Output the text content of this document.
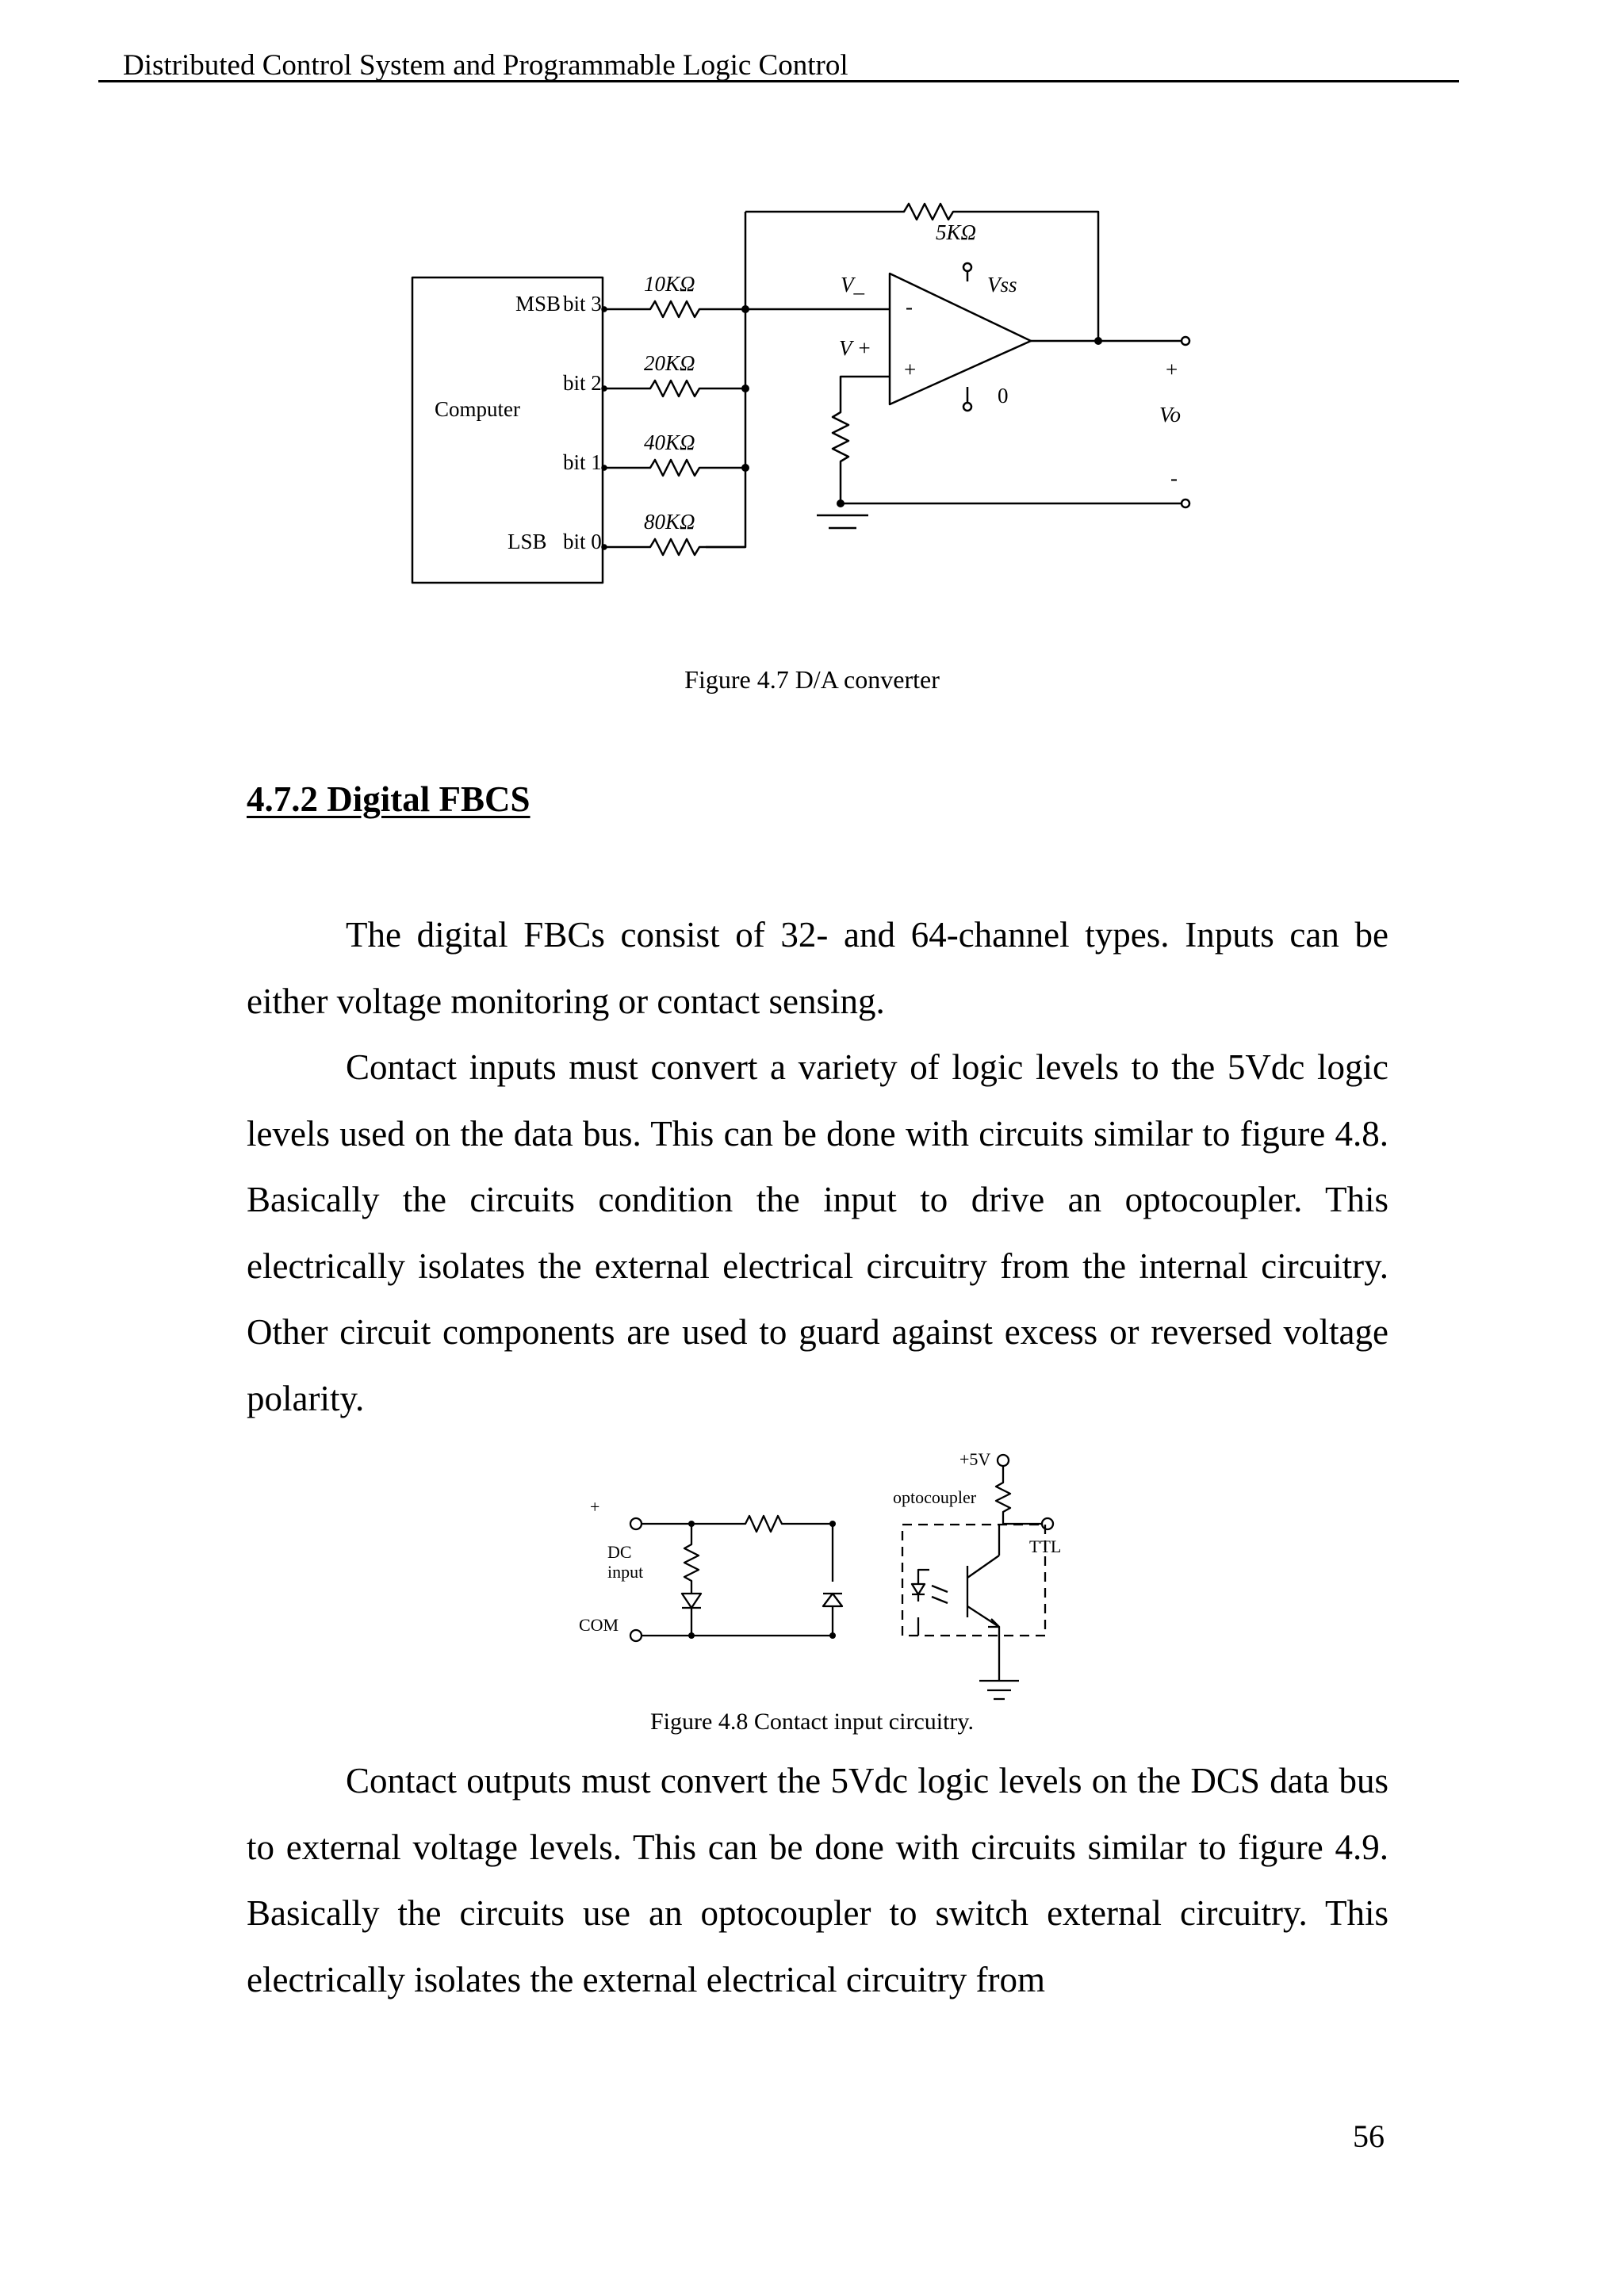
Distributed Control System and Programmable Logic Control
MSB bit 3
bit 2
Computer
bit 1
LSB bit 0
10KΩ
20KΩ
40KΩ
80KΩ
5KΩ
V_
V +
Vss
-
+
0
+
Vo
-
Figure 4.7 D/A converter
4.7.2 Digital FBCS

The digital FBCs consist of 32- and 64-channel types. Inputs can be either voltage monitoring or contact sensing.

Contact inputs must convert a variety of logic levels to the 5Vdc logic levels used on the data bus. This can be done with circuits similar to figure 4.8. Basically the circuits condition the input to drive an optocoupler. This electrically isolates the external electrical circuitry from the internal circuitry. Other circuit components are used to guard against excess or reversed voltage polarity.

+
DC
input
COM
+5V
optocoupler
TTL
Figure 4.8 Contact input circuitry.

Contact outputs must convert the 5Vdc logic levels on the DCS data bus to external voltage levels. This can be done with circuits similar to figure 4.9. Basically the circuits use an optocoupler to switch external circuitry. This electrically isolates the external electrical circuitry from

56
